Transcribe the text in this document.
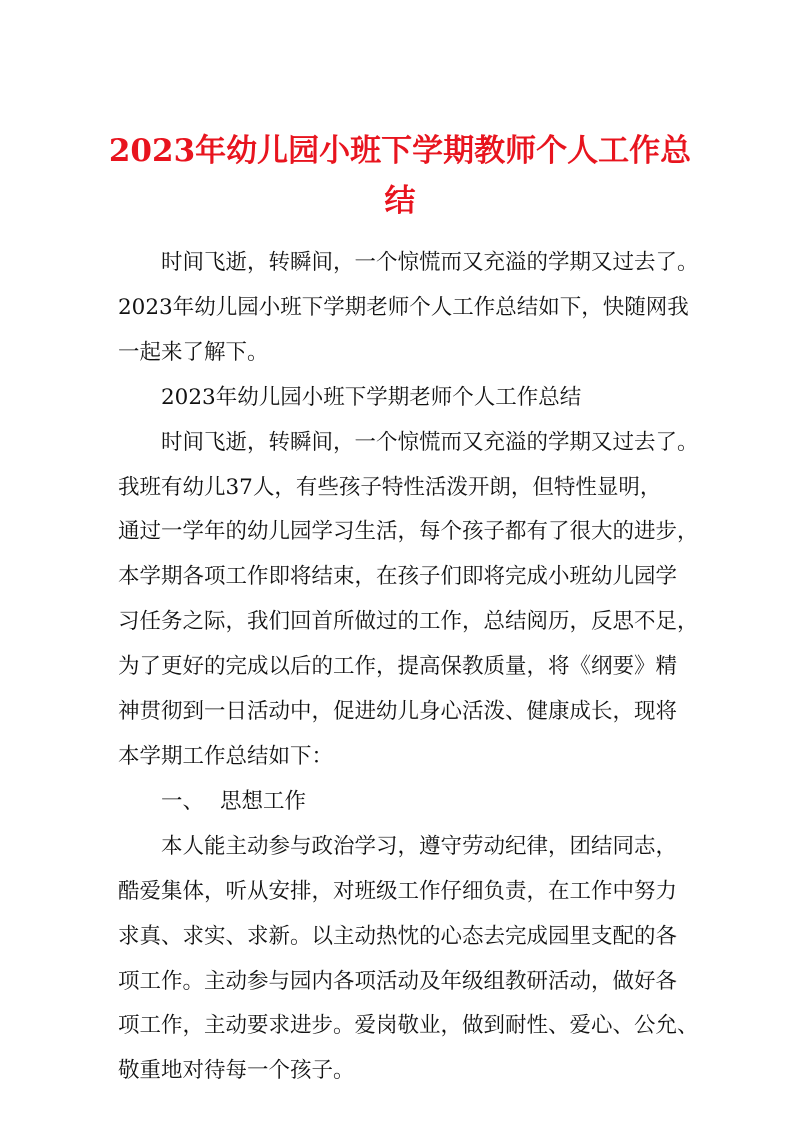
2023年幼儿园小班下学期教师个人工作总
结

时间飞逝，转瞬间，一个惊慌而又充溢的学期又过去了。
2023年幼儿园小班下学期老师个人工作总结如下，快随网我
一起来了解下。

2023年幼儿园小班下学期老师个人工作总结

时间飞逝，转瞬间，一个惊慌而又充溢的学期又过去了。
我班有幼儿37人，有些孩子特性活泼开朗，但特性显明，
通过一学年的幼儿园学习生活，每个孩子都有了很大的进步，
本学期各项工作即将结束，在孩子们即将完成小班幼儿园学
习任务之际，我们回首所做过的工作，总结阅历，反思不足，
为了更好的完成以后的工作，提高保教质量，将《纲要》精
神贯彻到一日活动中，促进幼儿身心活泼、健康成长，现将
本学期工作总结如下：

一、 思想工作

本人能主动参与政治学习，遵守劳动纪律，团结同志，
酷爱集体，听从安排，对班级工作仔细负责，在工作中努力
求真、求实、求新。以主动热忱的心态去完成园里支配的各
项工作。主动参与园内各项活动及年级组教研活动，做好各
项工作，主动要求进步。爱岗敬业，做到耐性、爱心、公允、
敬重地对待每一个孩子。
